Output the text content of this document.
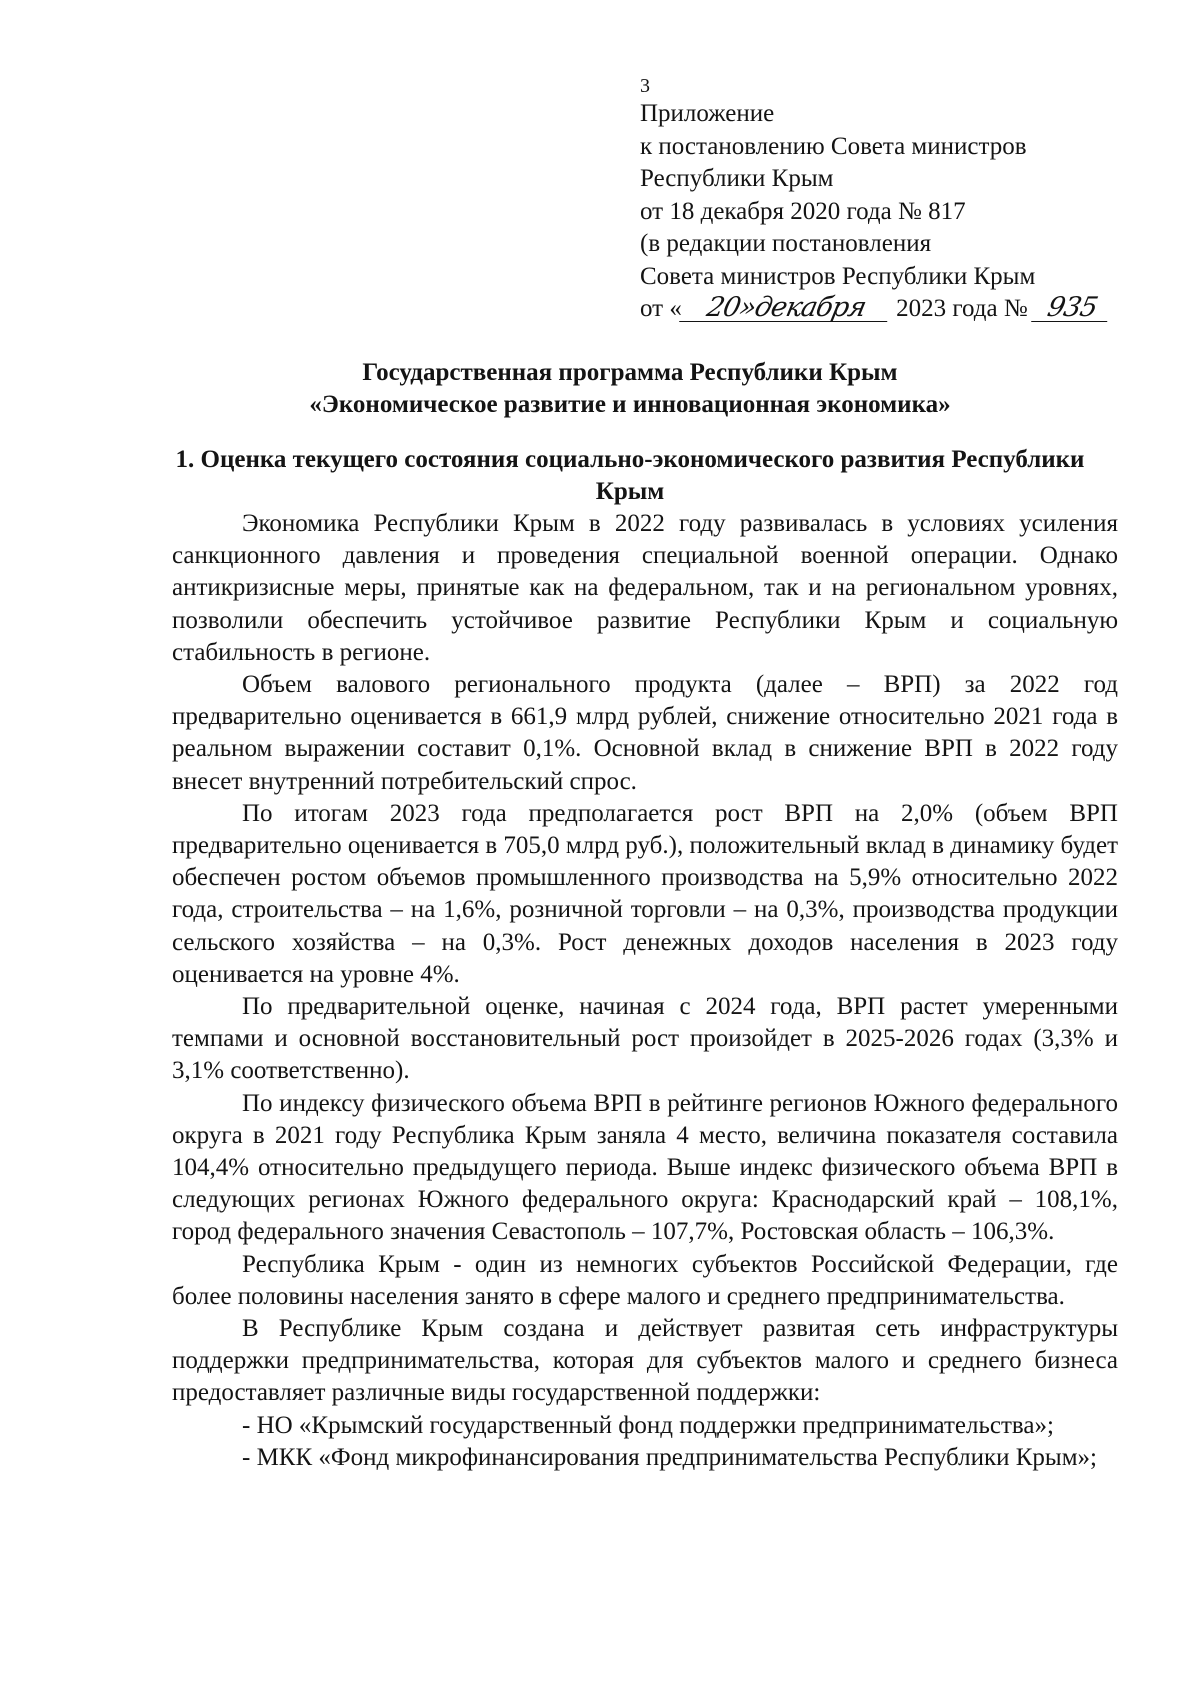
3
Приложение
к постановлению Совета министров
Республики Крым
от 18 декабря 2020 года № 817
(в редакции постановления
Совета министров Республики Крым
от « 20»декабря 2023 года № 935
Государственная программа Республики Крым
«Экономическое развитие и инновационная экономика»
1. Оценка текущего состояния социально-экономического развития Республики Крым

Экономика Республики Крым в 2022 году развивалась в условиях усиления санкционного давления и проведения специальной военной операции. Однако антикризисные меры, принятые как на федеральном, так и на региональном уровнях, позволили обеспечить устойчивое развитие Республики Крым и социальную стабильность в регионе.

Объем валового регионального продукта (далее – ВРП) за 2022 год предварительно оценивается в 661,9 млрд рублей, снижение относительно 2021 года в реальном выражении составит 0,1%. Основной вклад в снижение ВРП в 2022 году внесет внутренний потребительский спрос.

По итогам 2023 года предполагается рост ВРП на 2,0% (объем ВРП предварительно оценивается в 705,0 млрд руб.), положительный вклад в динамику будет обеспечен ростом объемов промышленного производства на 5,9% относительно 2022 года, строительства – на 1,6%, розничной торговли – на 0,3%, производства продукции сельского хозяйства – на 0,3%. Рост денежных доходов населения в 2023 году оценивается на уровне 4%.

По предварительной оценке, начиная с 2024 года, ВРП растет умеренными темпами и основной восстановительный рост произойдет в 2025-2026 годах (3,3% и 3,1% соответственно).

По индексу физического объема ВРП в рейтинге регионов Южного федерального округа в 2021 году Республика Крым заняла 4 место, величина показателя составила 104,4% относительно предыдущего периода. Выше индекс физического объема ВРП в следующих регионах Южного федерального округа: Краснодарский край – 108,1%, город федерального значения Севастополь – 107,7%, Ростовская область – 106,3%.

Республика Крым - один из немногих субъектов Российской Федерации, где более половины населения занято в сфере малого и среднего предпринимательства.

В Республике Крым создана и действует развитая сеть инфраструктуры поддержки предпринимательства, которая для субъектов малого и среднего бизнеса предоставляет различные виды государственной поддержки:

- НО «Крымский государственный фонд поддержки предпринимательства»;

- МКК «Фонд микрофинансирования предпринимательства Республики Крым»;
